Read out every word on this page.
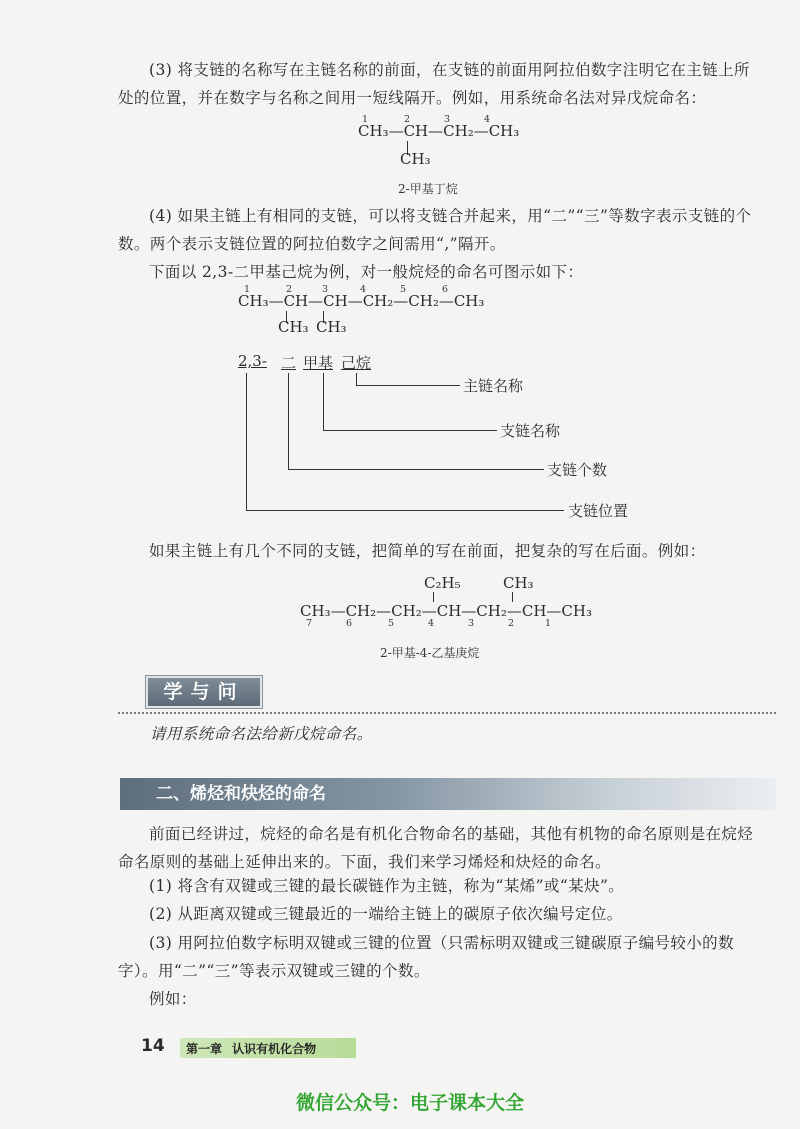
(3) 将支链的名称写在主链名称的前面，在支链的前面用阿拉伯数字注明它在主链上所处的位置，并在数字与名称之间用一短线隔开。例如，用系统命名法对异戊烷命名：

1	2	3	4
CH₃—CH—CH₂—CH₃
CH₃
2-甲基丁烷

(4) 如果主链上有相同的支链，可以将支链合并起来，用“二”“三”等数字表示支链的个数。两个表示支链位置的阿拉伯数字之间需用“,”隔开。

下面以 2,3-二甲基己烷为例，对一般烷烃的命名可图示如下：

1	2	3	4	5	6
CH₃—CH—CH—CH₂—CH₂—CH₃
CH₃ CH₃
2,3- 二 甲基 己烷
主链名称
支链名称
支链个数
支链位置

如果主链上有几个不同的支链，把简单的写在前面，把复杂的写在后面。例如：

C₂H₅	CH₃
CH₃—CH₂—CH₂—CH—CH₂—CH—CH₃
7	6	5	4	3	2	1
2-甲基-4-乙基庚烷

学与问

请用系统命名法给新戊烷命名。

二、烯烃和炔烃的命名

前面已经讲过，烷烃的命名是有机化合物命名的基础，其他有机物的命名原则是在烷烃命名原则的基础上延伸出来的。下面，我们来学习烯烃和炔烃的命名。

(1) 将含有双键或三键的最长碳链作为主链，称为“某烯”或“某炔”。

(2) 从距离双键或三键最近的一端给主链上的碳原子依次编号定位。

(3) 用阿拉伯数字标明双键或三键的位置（只需标明双键或三键碳原子编号较小的数字）。用“二”“三”等表示双键或三键的个数。

例如：

14 第一章 认识有机化合物
微信公众号：电子课本大全
